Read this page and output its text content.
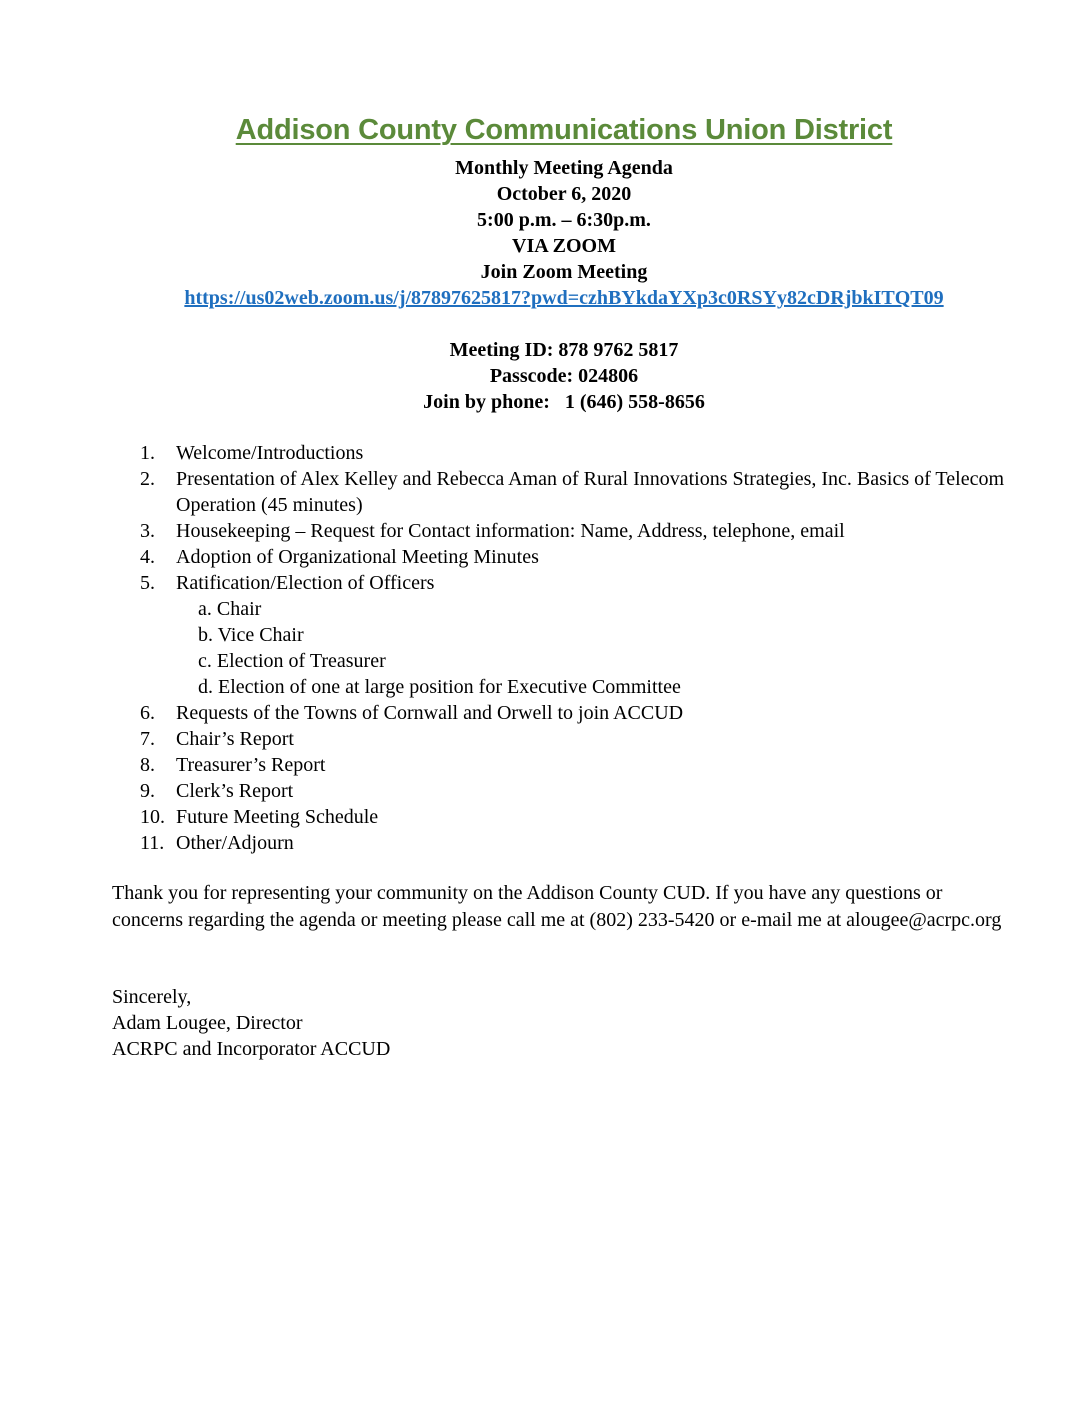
Addison County Communications Union District
Monthly Meeting Agenda
October 6, 2020
5:00 p.m. – 6:30p.m.
VIA ZOOM
Join Zoom Meeting
https://us02web.zoom.us/j/87897625817?pwd=czhBYkdaYXp3c0RSYy82cDRjbkITQT09
Meeting ID: 878 9762 5817
Passcode: 024806
Join by phone:   1 (646) 558-8656
1. Welcome/Introductions
2. Presentation of Alex Kelley and Rebecca Aman of Rural Innovations Strategies, Inc. Basics of Telecom Operation (45 minutes)
3. Housekeeping – Request for Contact information: Name, Address, telephone, email
4. Adoption of Organizational Meeting Minutes
5. Ratification/Election of Officers
a. Chair
b. Vice Chair
c. Election of Treasurer
d. Election of one at large position for Executive Committee
6. Requests of the Towns of Cornwall and Orwell to join ACCUD
7. Chair’s Report
8. Treasurer’s Report
9. Clerk’s Report
10. Future Meeting Schedule
11. Other/Adjourn
Thank you for representing your community on the Addison County CUD. If you have any questions or concerns regarding the agenda or meeting please call me at (802) 233-5420 or e-mail me at alougee@acrpc.org
Sincerely,
Adam Lougee, Director
ACRPC and Incorporator ACCUD
